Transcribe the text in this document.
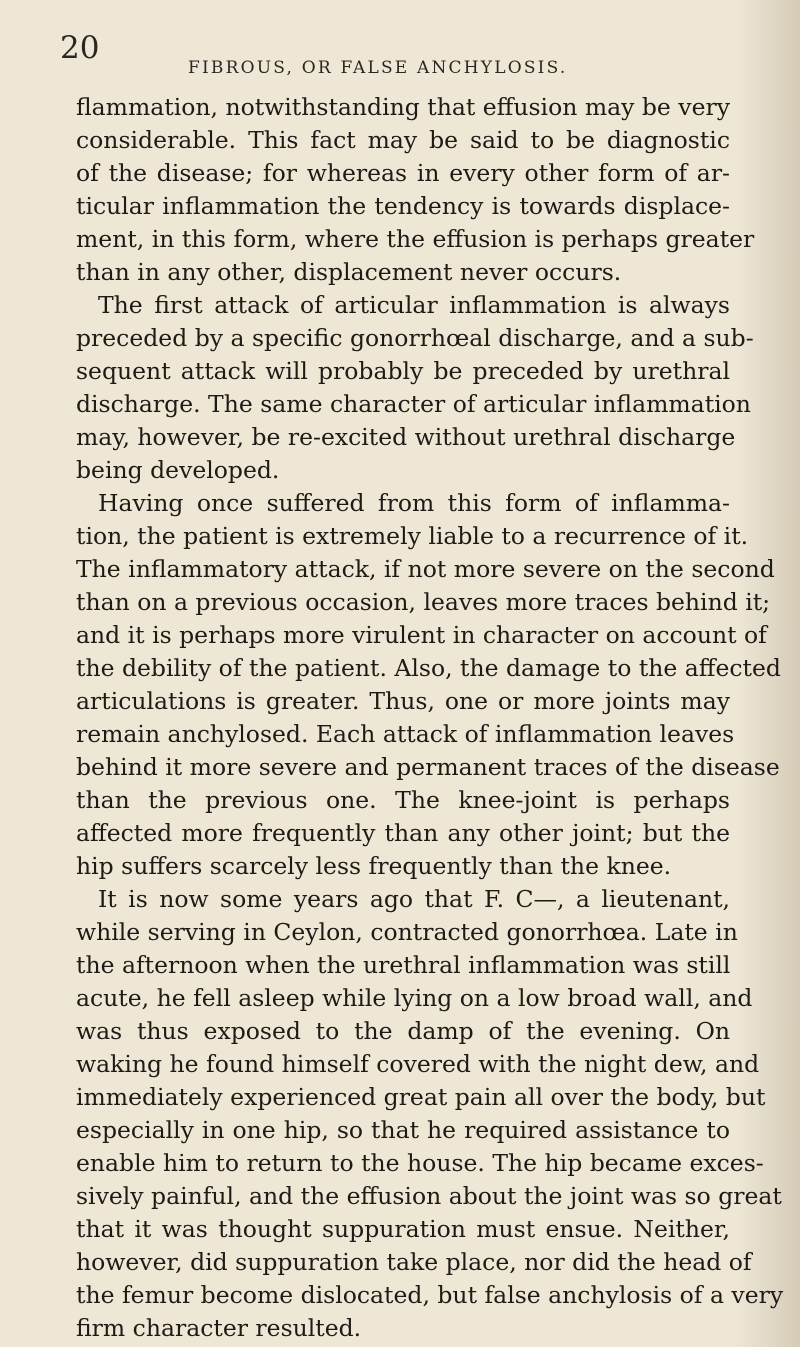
20
FIBROUS, OR FALSE ANCHYLOSIS.
flammation, notwithstanding that effusion may be very
considerable. This fact may be said to be diagnostic
of the disease; for whereas in every other form of ar-
ticular inflammation the tendency is towards displace-
ment, in this form, where the effusion is perhaps greater
than in any other, displacement never occurs.
The first attack of articular inflammation is always
preceded by a specific gonorrhœal discharge, and a sub-
sequent attack will probably be preceded by urethral
discharge. The same character of articular inflammation
may, however, be re-excited without urethral discharge
being developed.
Having once suffered from this form of inflamma-
tion, the patient is extremely liable to a recurrence of it.
The inflammatory attack, if not more severe on the second
than on a previous occasion, leaves more traces behind it;
and it is perhaps more virulent in character on account of
the debility of the patient. Also, the damage to the affected
articulations is greater. Thus, one or more joints may
remain anchylosed. Each attack of inflammation leaves
behind it more severe and permanent traces of the disease
than the previous one. The knee-joint is perhaps
affected more frequently than any other joint; but the
hip suffers scarcely less frequently than the knee.
It is now some years ago that F. C—, a lieutenant,
while serving in Ceylon, contracted gonorrhœa. Late in
the afternoon when the urethral inflammation was still
acute, he fell asleep while lying on a low broad wall, and
was thus exposed to the damp of the evening. On
waking he found himself covered with the night dew, and
immediately experienced great pain all over the body, but
especially in one hip, so that he required assistance to
enable him to return to the house. The hip became exces-
sively painful, and the effusion about the joint was so great
that it was thought suppuration must ensue. Neither,
however, did suppuration take place, nor did the head of
the femur become dislocated, but false anchylosis of a very
firm character resulted.
